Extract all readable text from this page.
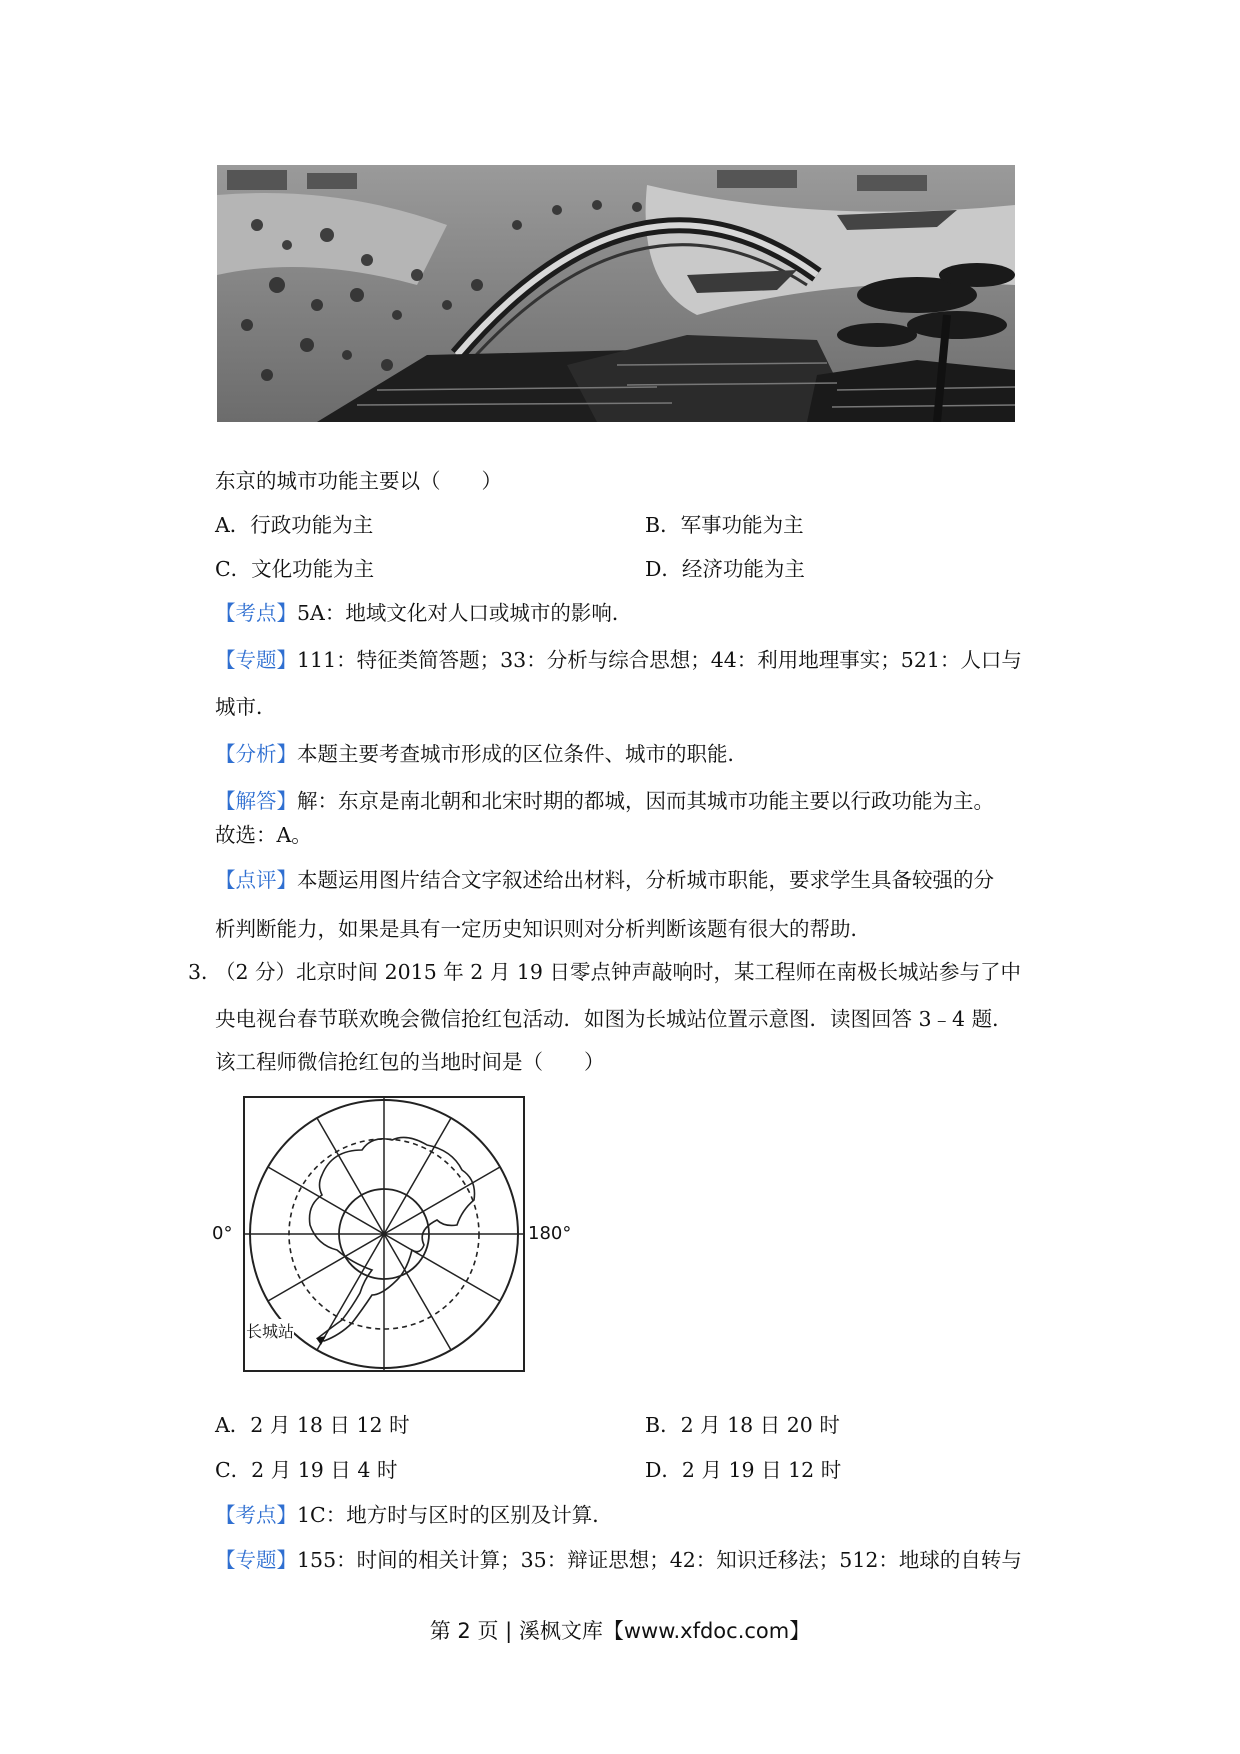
东京的城市功能主要以（　　）
A．行政功能为主	B．军事功能为主
C．文化功能为主	D．经济功能为主
【考点】5A：地域文化对人口或城市的影响．
【专题】111：特征类简答题；33：分析与综合思想；44：利用地理事实；521：人口与
城市．
【分析】本题主要考查城市形成的区位条件、城市的职能．
【解答】解：东京是南北朝和北宋时期的都城，因而其城市功能主要以行政功能为主。
故选：A。
【点评】本题运用图片结合文字叙述给出材料，分析城市职能，要求学生具备较强的分
析判断能力，如果是具有一定历史知识则对分析判断该题有很大的帮助．
3．
（2 分）北京时间 2015 年 2 月 19 日零点钟声敲响时，某工程师在南极长城站参与了中
央电视台春节联欢晚会微信抢红包活动．如图为长城站位置示意图．读图回答 3﹣4 题．
该工程师微信抢红包的当地时间是（　　）
0°	180°
长城站
A．2 月 18 日 12 时	B．2 月 18 日 20 时
C．2 月 19 日 4 时	D．2 月 19 日 12 时
【考点】1C：地方时与区时的区别及计算．
【专题】155：时间的相关计算；35：辩证思想；42：知识迁移法；512：地球的自转与
第 2 页 | 溪枫文库【www.xfdoc.com】
